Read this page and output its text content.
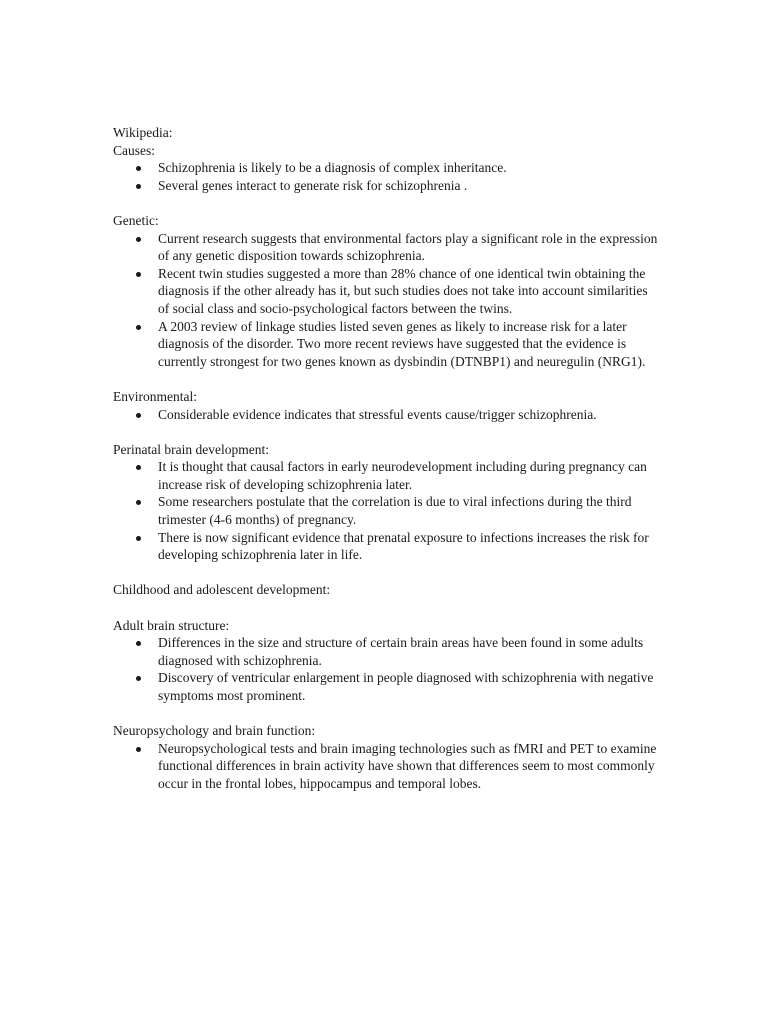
Wikipedia:

Causes:

Schizophrenia is likely to be a diagnosis of complex inheritance.
Several genes interact to generate risk for schizophrenia .

Genetic:

Current research suggests that environmental factors play a significant role in the expression of any genetic disposition towards schizophrenia.
Recent twin studies suggested a more than 28% chance of one identical twin obtaining the diagnosis if the other already has it, but such studies does not take into account similarities of social class and socio-psychological factors between the twins.
A 2003 review of linkage studies listed seven genes as likely to increase risk for a later diagnosis of the disorder. Two more recent reviews have suggested that the evidence is currently strongest for two genes known as dysbindin (DTNBP1) and neuregulin (NRG1).

Environmental:

Considerable evidence indicates that stressful events cause/trigger schizophrenia.

Perinatal brain development:

It is thought that causal factors in early neurodevelopment including during pregnancy can increase risk of developing schizophrenia later.
Some researchers postulate that the correlation is due to viral infections during the third trimester (4-6 months) of pregnancy.
There is now significant evidence that prenatal exposure to infections increases the risk for developing schizophrenia later in life.

Childhood and adolescent development:

Adult brain structure:

Differences in the size and structure of certain brain areas have been found in some adults diagnosed with schizophrenia.
Discovery of ventricular enlargement in people diagnosed with schizophrenia with negative symptoms most prominent.

Neuropsychology and brain function:

Neuropsychological tests and brain imaging technologies such as fMRI and PET to examine functional differences in brain activity have shown that differences seem to most commonly occur in the frontal lobes, hippocampus and temporal lobes.
